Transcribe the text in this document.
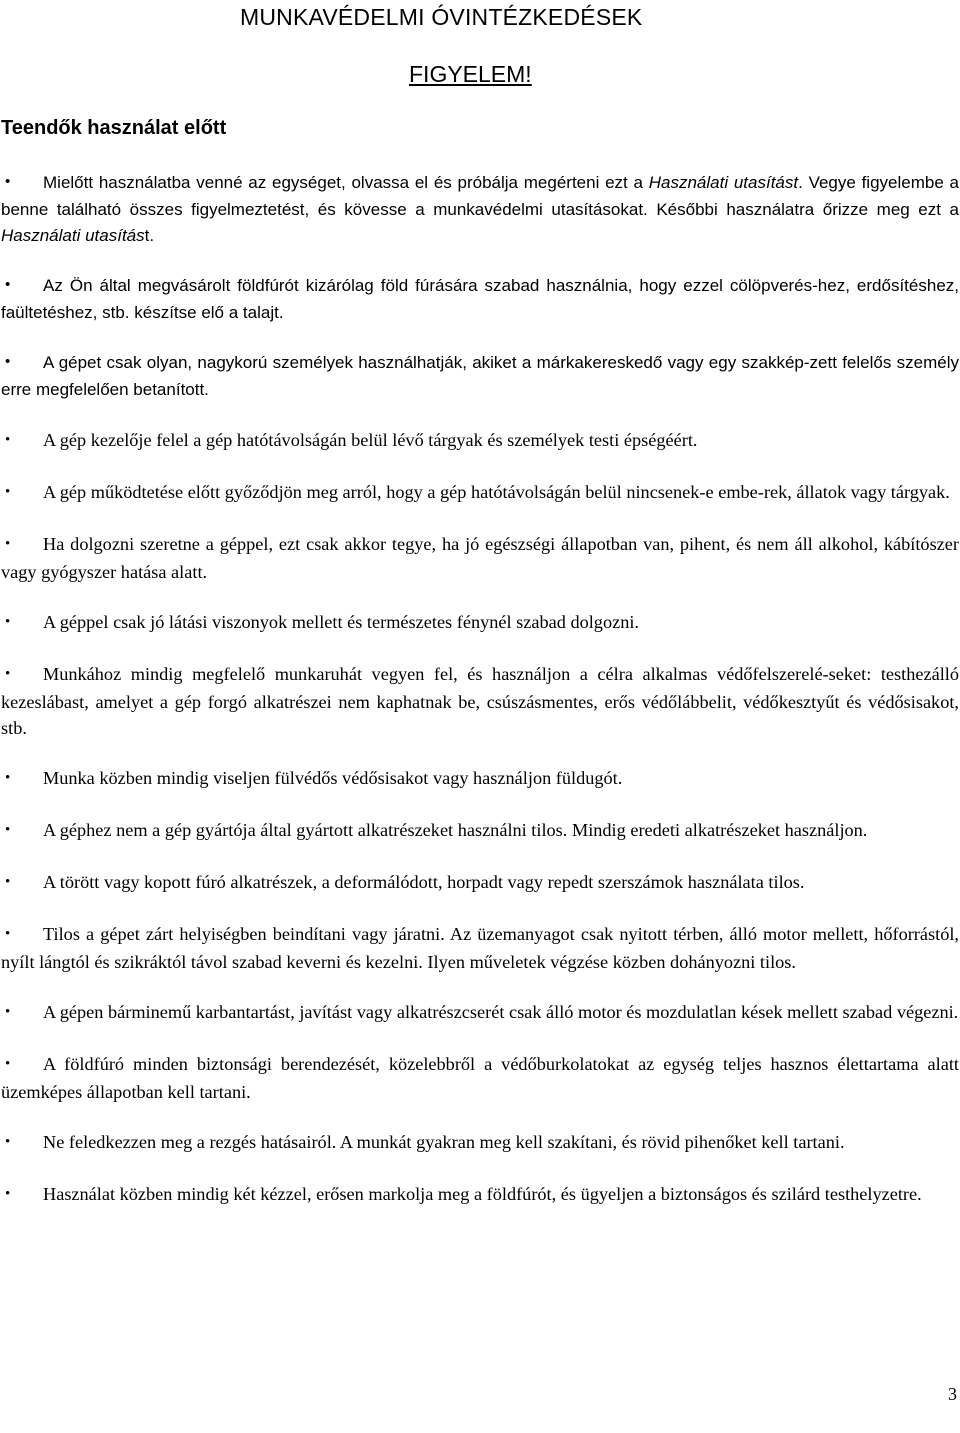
MUNKAVÉDELMI ÓVINTÉZKEDÉSEK

FIGYELEM!

Teendők használat előtt
•Mielőtt használatba venné az egységet, olvassa el és próbálja megérteni ezt a Használati utasítást. Vegye figyelembe a benne található összes figyelmeztetést, és kövesse a munkavédelmi utasításokat. Későbbi használatra őrizze meg ezt a Használati utasítást.
•Az Ön által megvásárolt földfúrót kizárólag föld fúrására szabad használnia, hogy ezzel cölöpverés-hez, erdősítéshez, faültetéshez, stb. készítse elő a talajt.
•A gépet csak olyan, nagykorú személyek használhatják, akiket a márkakereskedő vagy egy szakkép-zett felelős személy erre megfelelően betanított.
•A gép kezelője felel a gép hatótávolságán belül lévő tárgyak és személyek testi épségéért.
•A gép működtetése előtt győződjön meg arról, hogy a gép hatótávolságán belül nincsenek-e embe-rek, állatok vagy tárgyak.
•Ha dolgozni szeretne a géppel, ezt csak akkor tegye, ha jó egészségi állapotban van, pihent, és nem áll alkohol, kábítószer vagy gyógyszer hatása alatt.
•A géppel csak jó látási viszonyok mellett és természetes fénynél szabad dolgozni.
•Munkához mindig megfelelő munkaruhát vegyen fel, és használjon a célra alkalmas védőfelszerelé-seket: testhezálló kezeslábast, amelyet a gép forgó alkatrészei nem kaphatnak be, csúszásmentes, erős védőlábbelit, védőkesztyűt és védősisakot, stb.
•Munka közben mindig viseljen fülvédős védősisakot vagy használjon füldugót.
•A géphez nem a gép gyártója által gyártott alkatrészeket használni tilos. Mindig eredeti alkatrészeket használjon.
•A törött vagy kopott fúró alkatrészek, a deformálódott, horpadt vagy repedt szerszámok használata tilos.
•Tilos a gépet zárt helyiségben beindítani vagy járatni. Az üzemanyagot csak nyitott térben, álló motor mellett, hőforrástól, nyílt lángtól és szikráktól távol szabad keverni és kezelni. Ilyen műveletek végzése közben dohányozni tilos.
•A gépen bárminemű karbantartást, javítást vagy alkatrészcserét csak álló motor és mozdulatlan kések mellett szabad végezni.
•A földfúró minden biztonsági berendezését, közelebbről a védőburkolatokat az egység teljes hasznos élettartama alatt üzemképes állapotban kell tartani.
•Ne feledkezzen meg a rezgés hatásairól. A munkát gyakran meg kell szakítani, és rövid pihenőket kell tartani.
•Használat közben mindig két kézzel, erősen markolja meg a földfúrót, és ügyeljen a biztonságos és szilárd testhelyzetre.

3
